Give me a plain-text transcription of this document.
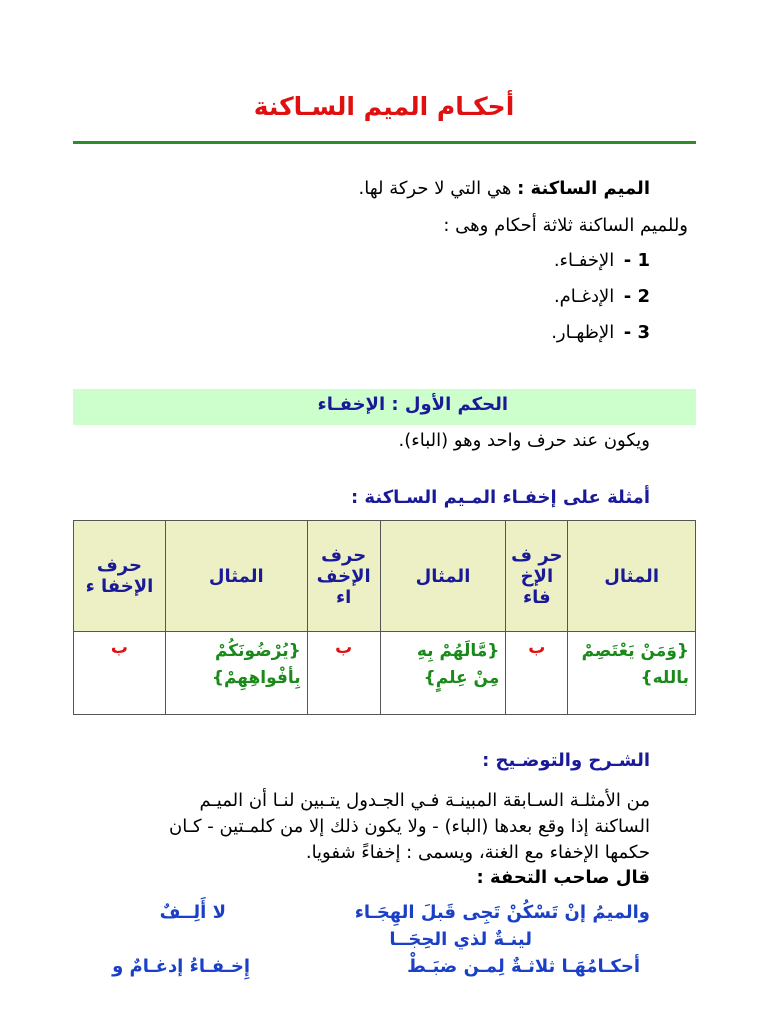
أحكـام الميم السـاكنة
الميم الساكنة : هي التي لا حركة لها.
وللميم الساكنة ثلاثة أحكام وهى :
1 - الإخفـاء.
2 - الإدغـام.
3 - الإظهـار.
الحكم الأول : الإخفـاء
ويكون عند حرف واحد وهو (الباء).
أمثلة على إخفـاء المـيم السـاكنة :
المثال	حر ف الإخ فاء	المثال	حرف الإخف اء	المثال	حرف الإخفا ء
{وَمَنْ يَعْتَصِمْ بالله}	ب	{مَّالَهُمْ بِهِ مِنْ عِلمٍ}	ب	{يُرْضُونَكُمْ بِأفْواهِهِمْ}	ب
الشـرح والتوضـيح :

من الأمثلـة السـابقة المبينـة فـي الجـدول يتـبين لنـا أن الميـم

الساكنة إذا وقع بعدها (الباء) - ولا يكون ذلك إلا من كلمـتين - كـان

حكمها الإخفاء مع الغنة، ويسمى : إخفاءً شفويا.

قال صاحب التحفة :
والميمُ إنْ تَسْكُنْ تَجِى قَبلَ الهِجَـاء
لا أَلِــفٌ
لينـةٌ لذي الحِجَــا
أحكـامُهَـا ثلاثـةٌ لِمـن ضبَـطْ
إِخـفـاءُ إدغـامٌ و
